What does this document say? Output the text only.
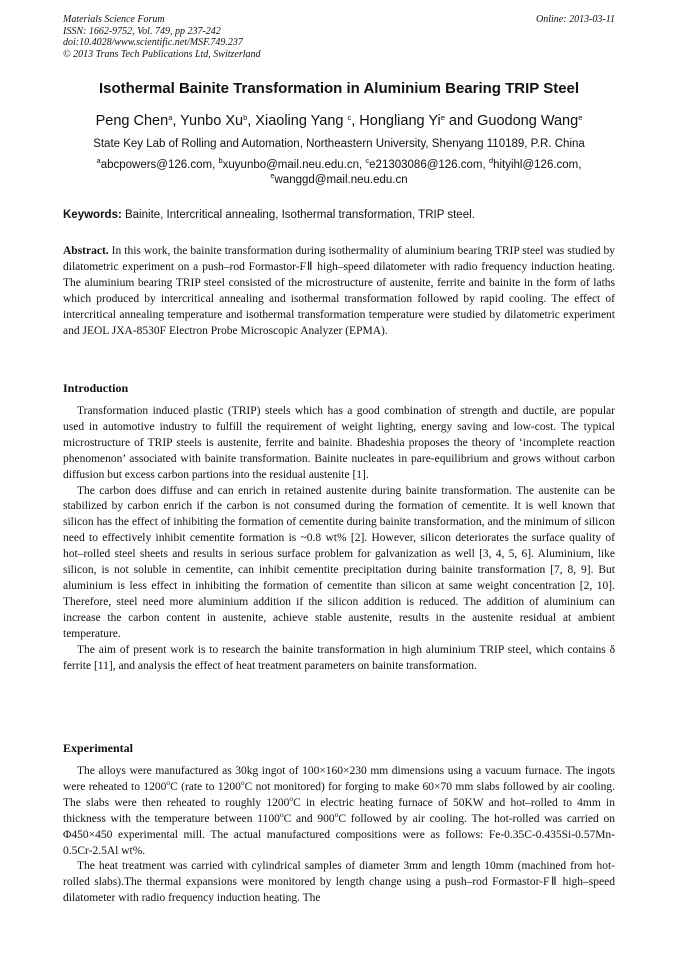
Materials Science Forum
ISSN: 1662-9752, Vol. 749, pp 237-242
doi:10.4028/www.scientific.net/MSF.749.237
© 2013 Trans Tech Publications Ltd, Switzerland
Online: 2013-03-11
Isothermal Bainite Transformation in Aluminium Bearing TRIP Steel
Peng Chen$^a$, Yunbo Xu$^b$, Xiaoling Yang $^c$, Hongliang Yi$^e$ and Guodong Wang$^e$
State Key Lab of Rolling and Automation, Northeastern University, Shenyang 110189, P.R. China
$^a$abcpowers@126.com, $^b$xuyunbo@mail.neu.edu.cn, $^c$e21303086@126.com, $^d$hityihl@126.com,
$^e$wanggd@mail.neu.edu.cn
Keywords: Bainite, Intercritical annealing, Isothermal transformation, TRIP steel.
Abstract. In this work, the bainite transformation during isothermality of aluminium bearing TRIP steel was studied by dilatometric experiment on a push–rod Formastor-FⅡ high–speed dilatometer with radio frequency induction heating. The aluminium bearing TRIP steel consisted of the microstructure of austenite, ferrite and bainite in the form of laths which produced by intercritical annealing and isothermal transformation followed by rapid cooling. The effect of intercritical annealing temperature and isothermal transformation temperature were studied by dilatometric experiment and JEOL JXA-8530F Electron Probe Microscopic Analyzer (EPMA).
Introduction

Transformation induced plastic (TRIP) steels which has a good combination of strength and ductile, are popular used in automotive industry to fulfill the requirement of weight lighting, energy saving and low-cost. The typical microstructure of TRIP steels is austenite, ferrite and bainite. Bhadeshia proposes the theory of ‘incomplete reaction phenomenon’ associated with bainite transformation. Bainite nucleates in pare-equilibrium and grows without carbon diffusion but excess carbon partions into the residual austenite [1].

The carbon does diffuse and can enrich in retained austenite during bainite transformation. The austenite can be stabilized by carbon enrich if the carbon is not consumed during the formation of cementite. It is well known that silicon has the effect of inhibiting the formation of cementite during bainite transformation, and the minimum of silicon need to effectively inhibit cementite formation is ~0.8 wt% [2]. However, silicon deteriorates the surface quality of hot–rolled steel sheets and results in serious surface problem for galvanization as well [3, 4, 5, 6]. Aluminium, like silicon, is not soluble in cementite, can inhibit cementite precipitation during bainite transformation [7, 8, 9]. But aluminium is less effect in inhibiting the formation of cementite than silicon at same weight concentration [2, 10]. Therefore, steel need more aluminium addition if the silicon addition is reduced. The addition of aluminium can increase the carbon content in austenite, achieve stable austenite, results in the austenite residual at ambient temperature.

The aim of present work is to research the bainite transformation in high aluminium TRIP steel, which contains δ ferrite [11], and analysis the effect of heat treatment parameters on bainite transformation.

Experimental

The alloys were manufactured as 30kg ingot of 100×160×230 mm dimensions using a vacuum furnace. The ingots were reheated to 1200$^o$C (rate to 1200$^o$C not monitored) for forging to make 60×70 mm slabs followed by air cooling. The slabs were then reheated to roughly 1200$^o$C in electric heating furnace of 50KW and hot–rolled to 4mm in thickness with the temperature between 1100$^o$C and 900$^o$C followed by air cooling. The hot-rolled was carried on Φ450×450 experimental mill. The actual manufactured compositions were as follows: Fe-0.35C-0.435Si-0.57Mn-0.5Cr-2.5Al wt%.

The heat treatment was carried with cylindrical samples of diameter 3mm and length 10mm (machined from hot-rolled slabs).The thermal expansions were monitored by length change using a push–rod Formastor-FⅡ high–speed dilatometer with radio frequency induction heating. The
